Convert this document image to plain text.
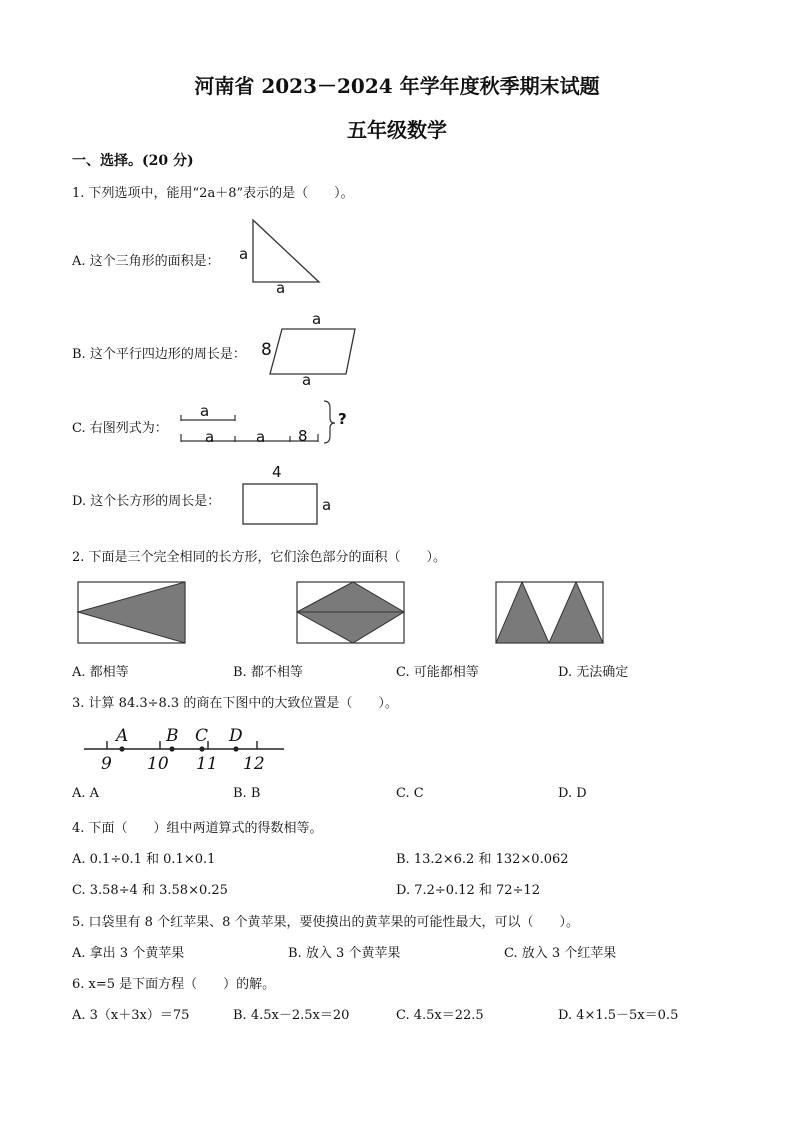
河南省 2023－2024 年学年度秋季期末试题
五年级数学
一、选择。(20 分)
1. 下列选项中，能用“2a＋8”表示的是（　　）。
A. 这个三角形的面积是： a
a
B. 这个平行四边形的周长是：
a
8
a
C. 右图列式为：
a
a	a 8
?
D. 这个长方形的周长是：
4
a
2. 下面是三个完全相同的长方形，它们涂色部分的面积（　　）。
A. 都相等	B. 都不相等	C. 可能都相等	D. 无法确定
3. 计算 84.3÷8.3 的商在下图中的大致位置是（　　）。
A B C D
9 10 11 12
A. A	B. B	C. C	D. D
4. 下面（　　）组中两道算式的得数相等。
A. 0.1÷0.1 和 0.1×0.1	B. 13.2×6.2 和 132×0.062
C. 3.58÷4 和 3.58×0.25	D. 7.2÷0.12 和 72÷12
5. 口袋里有 8 个红苹果、8 个黄苹果，要使摸出的黄苹果的可能性最大，可以（　　）。
A. 拿出 3 个黄苹果	B. 放入 3 个黄苹果	C. 放入 3 个红苹果
6. x=5 是下面方程（　　）的解。
A. 3（x＋3x）＝75	B. 4.5x－2.5x＝20	C. 4.5x＝22.5	D. 4×1.5－5x＝0.5
